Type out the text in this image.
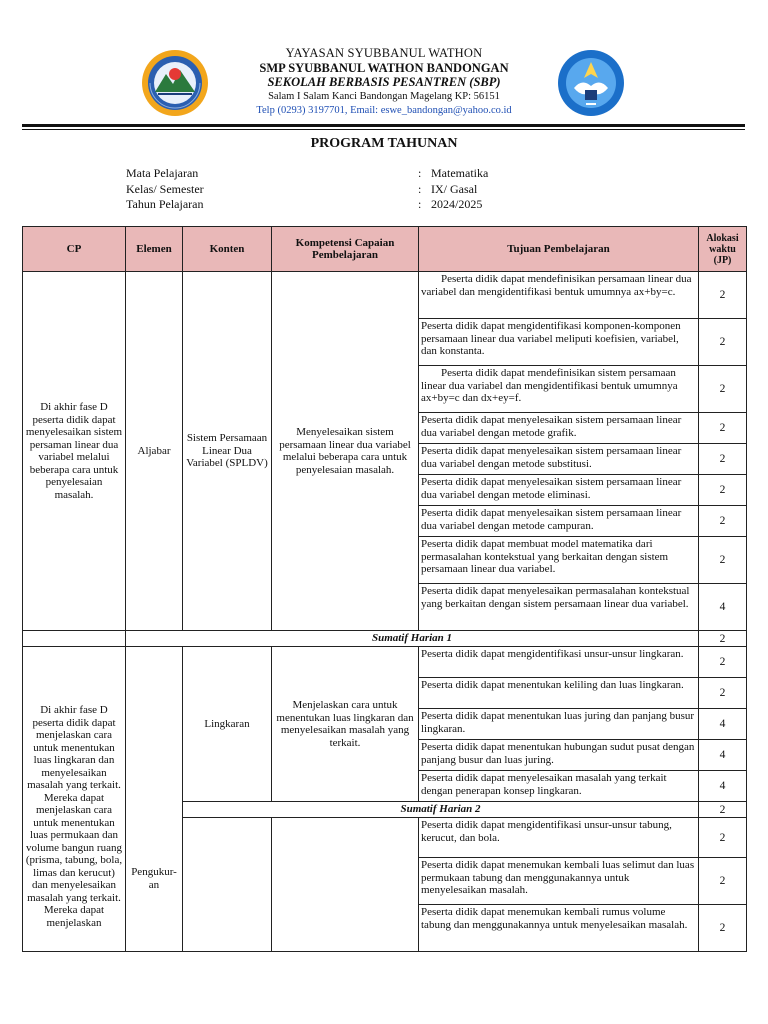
YAYASAN SYUBBANUL WATHON
SMP SYUBBANUL WATHON BANDONGAN
SEKOLAH BERBASIS PESANTREN (SBP)
Salam I Salam Kanci Bandongan Magelang KP: 56151
Telp (0293) 3197701, Email: eswe_bandongan@yahoo.co.id
PROGRAM TAHUNAN
Mata Pelajaran	: Matematika
Kelas/ Semester	: IX/ Gasal
Tahun Pelajaran	: 2024/2025
CP	Elemen	Konten	Kompetensi Capaian Pembelajaran	Tujuan Pembelajaran	Alokasi waktu (JP)
Di akhir fase D peserta didik dapat menyelesaikan sistem persaman linear dua variabel melalui beberapa cara untuk penyelesaian masalah.	Aljabar	Sistem Persamaan Linear Dua Variabel (SPLDV)	Menyelesaikan sistem persamaan linear dua variabel melalui beberapa cara untuk penyelesaian masalah.	Peserta didik dapat mendefinisikan persamaan linear dua variabel dan mengidentifikasi bentuk umumnya ax+by=c.	2
				Peserta didik dapat mengidentifikasi komponen-komponen persamaan linear dua variabel meliputi koefisien, variabel, dan konstanta.	2
				Peserta didik dapat mendefinisikan sistem persamaan linear dua variabel dan mengidentifikasi bentuk umumnya ax+by=c dan dx+ey=f.	2
				Peserta didik dapat menyelesaikan sistem persamaan linear dua variabel dengan metode grafik.	2
				Peserta didik dapat menyelesaikan sistem persamaan linear dua variabel dengan metode substitusi.	2
				Peserta didik dapat menyelesaikan sistem persamaan linear dua variabel dengan metode eliminasi.	2
				Peserta didik dapat menyelesaikan sistem persamaan linear dua variabel dengan metode campuran.	2
				Peserta didik dapat membuat model matematika dari permasalahan kontekstual yang berkaitan dengan sistem persamaan linear dua variabel.	2
				Peserta didik dapat menyelesaikan permasalahan kontekstual yang berkaitan dengan sistem persamaan linear dua variabel.	4
	Sumatif Harian 1				2

Di akhir fase D peserta didik dapat menjelaskan cara untuk menentukan luas lingkaran dan menyelesaikan masalah yang terkait. Mereka dapat menjelaskan cara untuk menentukan luas permukaan dan volume bangun ruang (prisma, tabung, bola, limas dan kerucut) dan menyelesaikan masalah yang terkait. Mereka dapat menjelaskan	Pengukur-an	Lingkaran	Menjelaskan cara untuk menentukan luas lingkaran dan menyelesaikan masalah yang terkait.	Peserta didik dapat mengidentifikasi unsur-unsur lingkaran.	2
				Peserta didik dapat menentukan keliling dan luas lingkaran.	2
				Peserta didik dapat menentukan luas juring dan panjang busur lingkaran.	4
				Peserta didik dapat menentukan hubungan sudut pusat dengan panjang busur dan luas juring.	4
				Peserta didik dapat menyelesaikan masalah yang terkait dengan penerapan konsep lingkaran.	4
		Sumatif Harian 2			2
				Peserta didik dapat mengidentifikasi unsur-unsur tabung, kerucut, dan bola.	2
				Peserta didik dapat menemukan kembali luas selimut dan luas permukaan tabung dan menggunakannya untuk menyelesaikan masalah.	2
				Peserta didik dapat menemukan kembali rumus volume tabung dan menggunakannya untuk menyelesaikan masalah.	2
